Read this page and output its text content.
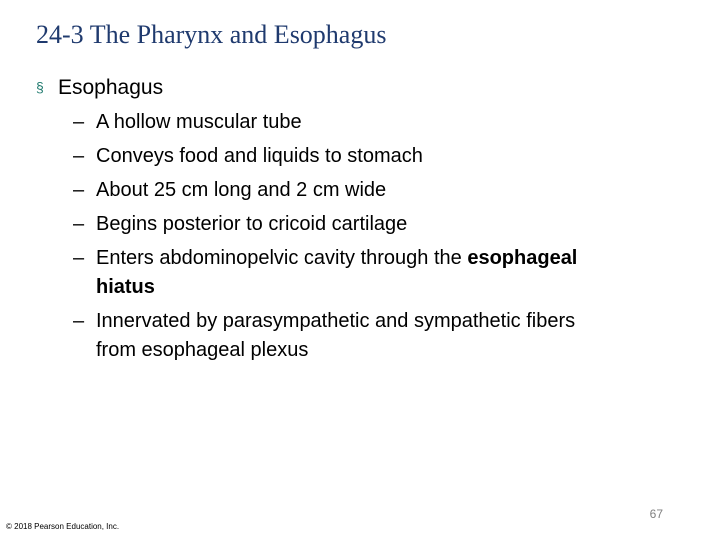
24-3 The Pharynx and Esophagus
§ Esophagus
– A hollow muscular tube
– Conveys food and liquids to stomach
– About 25 cm long and 2 cm wide
– Begins posterior to cricoid cartilage
– Enters abdominopelvic cavity through the esophageal
hiatus
– Innervated by parasympathetic and sympathetic fibers
from esophageal plexus
67
© 2018 Pearson Education, Inc.
